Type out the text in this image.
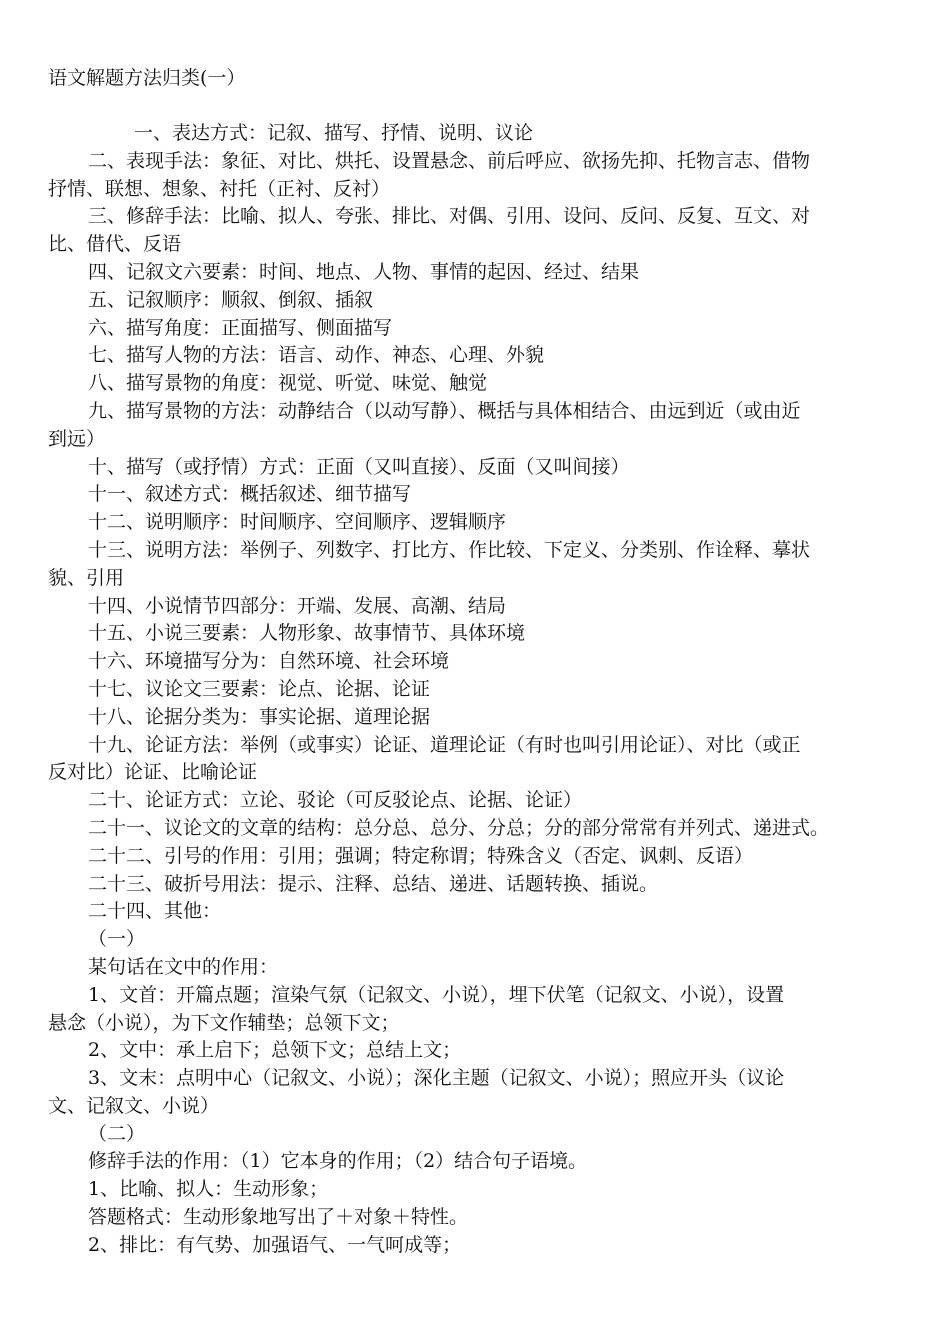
语文解题方法归类(一）

一、表达方式：记叙、描写、抒情、说明、议论

二、表现手法：象征、对比、烘托、设置悬念、前后呼应、欲扬先抑、托物言志、借物

抒情、联想、想象、衬托（正衬、反衬）

三、修辞手法：比喻、拟人、夸张、排比、对偶、引用、设问、反问、反复、互文、对

比、借代、反语

四、记叙文六要素：时间、地点、人物、事情的起因、经过、结果

五、记叙顺序：顺叙、倒叙、插叙

六、描写角度：正面描写、侧面描写

七、描写人物的方法：语言、动作、神态、心理、外貌

八、描写景物的角度：视觉、听觉、味觉、触觉

九、描写景物的方法：动静结合（以动写静）、概括与具体相结合、由远到近（或由近

到远）

十、描写（或抒情）方式：正面（又叫直接）、反面（又叫间接）

十一、叙述方式：概括叙述、细节描写

十二、说明顺序：时间顺序、空间顺序、逻辑顺序

十三、说明方法：举例子、列数字、打比方、作比较、下定义、分类别、作诠释、摹状

貌、引用

十四、小说情节四部分：开端、发展、高潮、结局

十五、小说三要素：人物形象、故事情节、具体环境

十六、环境描写分为：自然环境、社会环境

十七、议论文三要素：论点、论据、论证

十八、论据分类为：事实论据、道理论据

十九、论证方法：举例（或事实）论证、道理论证（有时也叫引用论证）、对比（或正

反对比）论证、比喻论证

二十、论证方式：立论、驳论（可反驳论点、论据、论证）

二十一、议论文的文章的结构：总分总、总分、分总；分的部分常常有并列式、递进式。

二十二、引号的作用：引用；强调；特定称谓；特殊含义（否定、讽刺、反语）

二十三、破折号用法：提示、注释、总结、递进、话题转换、插说。

二十四、其他：

（一）

某句话在文中的作用：

1、文首：开篇点题；渲染气氛（记叙文、小说），埋下伏笔（记叙文、小说），设置

悬念（小说），为下文作辅垫；总领下文；

2、文中：承上启下；总领下文；总结上文；

3、文末：点明中心（记叙文、小说）；深化主题（记叙文、小说）；照应开头（议论

文、记叙文、小说）

（二）

修辞手法的作用：（1）它本身的作用；（2）结合句子语境。

1、比喻、拟人：生动形象；

答题格式：生动形象地写出了＋对象＋特性。

2、排比：有气势、加强语气、一气呵成等；
